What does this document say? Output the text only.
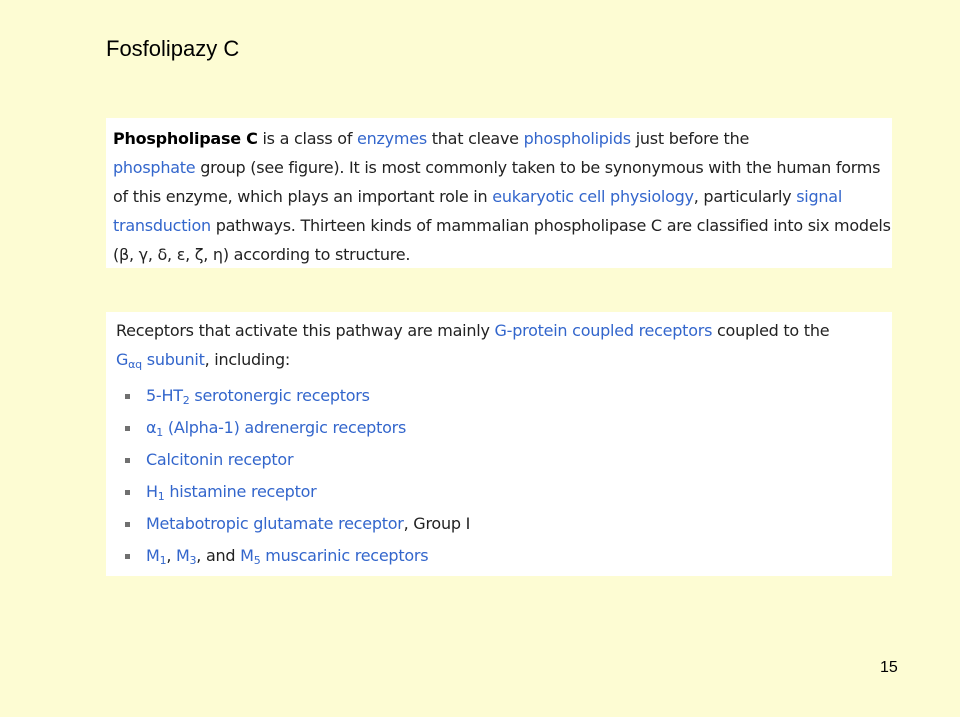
Fosfolipazy C
Phospholipase C is a class of enzymes that cleave phospholipids just before the
phosphate group (see figure). It is most commonly taken to be synonymous with the human forms of this enzyme, which plays an important role in eukaryotic cell physiology, particularly signal transduction pathways. Thirteen kinds of mammalian phospholipase C are classified into six models (β, γ, δ, ε, ζ, η) according to structure.
Receptors that activate this pathway are mainly G-protein coupled receptors coupled to the
$G_{\alpha q}$ subunit, including:
$5-HT_2$ serotonergic receptors
$\alpha_1$ (Alpha-1) adrenergic receptors
Calcitonin receptor
$H_1$ histamine receptor
Metabotropic glutamate receptor, Group I
$M_1$, $M_3$, and $M_5$ muscarinic receptors
15
